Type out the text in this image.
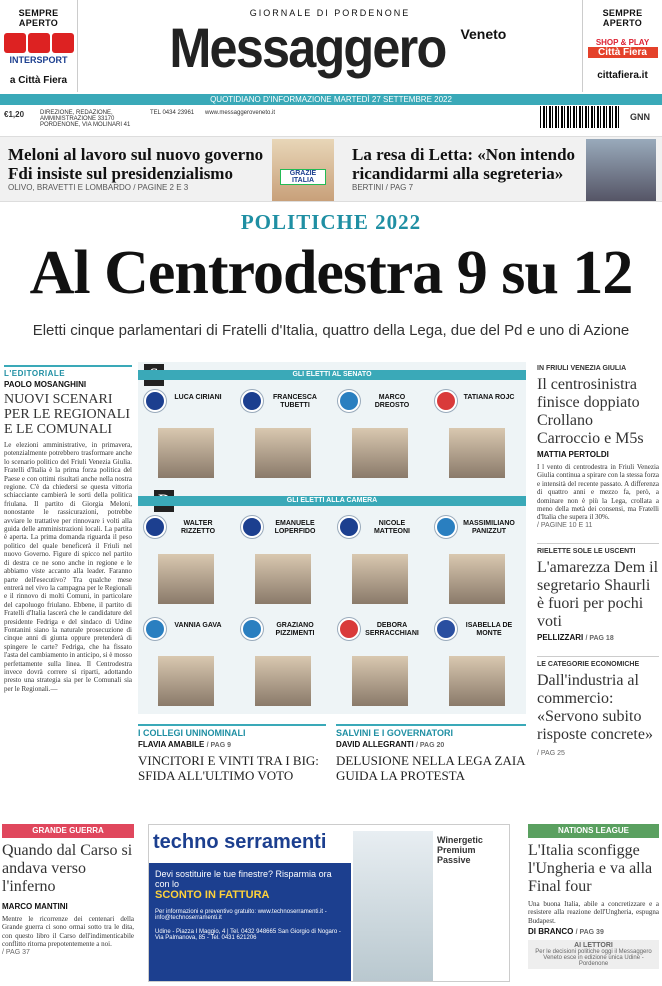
SEMPRE APERTO
INTERSPORT
a Città Fiera
GIORNALE DI PORDENONE
Messaggero Veneto
SEMPRE APERTO
SHOP & PLAY
Città Fiera
cittafiera.it
QUOTIDIANO D'INFORMAZIONE MARTEDÌ 27 SETTEMBRE 2022
€1,20	DIREZIONE, REDAZIONE, AMMINISTRAZIONE 33170 PORDENONE, VIA MOLINARI 41
TEL 0434 23961 www.messaggeroveneto.it	GNN
Meloni al lavoro sul nuovo governo Fdi insiste sul presidenzialismo
OLIVO, BRAVETTI E LOMBARDO / PAGINE 2 E 3
GRAZIE ITALIA
La resa di Letta: «Non intendo ricandidarmi alla segreteria»
BERTINI / PAG 7
POLITICHE 2022
Al Centrodestra 9 su 12
Eletti cinque parlamentari di Fratelli d'Italia, quattro della Lega, due del Pd e uno di Azione
L'EDITORIALE
PAOLO MOSANGHINI
NUOVI SCENARI PER LE REGIONALI E LE COMUNALI
Le elezioni amministrative, in primavera, potenzialmente potrebbero trasformare anche lo scenario politico del Friuli Venezia Giulia. Fratelli d'Italia è la prima forza politica del Paese e con ottimi risultati anche nella nostra regione. C'è da chiedersi se questa vittoria schiacciante cambierà le sorti della politica friulana. Il partito di Giorgia Meloni, nonostante le rassicurazioni, potrebbe avviare le trattative per rinnovare i volti alla guida delle amministrazioni locali. La partita è aperta. La prima domanda riguarda il peso politico del quale beneficerà il Friuli nel nuovo Governo. Figure di spicco nel partito di destra ce ne sono anche in regione e le abbiamo viste accanto alla leader. Faranno parte dell'esecutivo? Tra qualche mese entrerà nel vivo la campagna per le Regionali e il rinnovo di molti Comuni, in particolare del capoluogo friulano. Ebbene, il partito di Fratelli d'Italia lascerà che le candidature del presidente Fedriga e del sindaco di Udine Fontanini siano la naturale prosecuzione di cinque anni di giunta oppure pretenderà di spingere le carte? Fedriga, che ha fissato l'asta del cambiamento in anticipo, si è mosso perfettamente sulla linea. Il Centrodestra invece dovrà correre sì riparti, adottando presto una strategia sia per le Comunali sia per le Regionali.—
GLI ELETTI AL SENATO
LUCA CIRIANI	FRANCESCA TUBETTI
MARCO DREOSTO
TATIANA ROJC
GLI ELETTI ALLA CAMERA
WALTER RIZZETTO
EMANUELE LOPERFIDO
NICOLE MATTEONI
MASSIMILIANO PANIZZUT
VANNIA GAVA	GRAZIANO PIZZIMENTI
DEBORA SERRACCHIANI
ISABELLA DE MONTE
I COLLEGI UNINOMINALI
FLAVIA AMABILE / PAG 9
VINCITORI E VINTI TRA I BIG: SFIDA ALL'ULTIMO VOTO
SALVINI E I GOVERNATORI
DAVID ALLEGRANTI / PAG 20
DELUSIONE NELLA LEGA ZAIA GUIDA LA PROTESTA
IN FRIULI VENEZIA GIULIA
Il centrosinistra finisce doppiato Crollano Carroccio e M5s
MATTIA PERTOLDI
I l vento di centrodestra in Friuli Venezia Giulia continua a spirare con la stessa forza e intensità del recente passato. A differenza di quattro anni e mezzo fa, però, a dominare non è più la Lega, crollata a meno della metà dei consensi, ma Fratelli d'Italia che supera il 30%.
/ PAGINE 10 E 11
RIELETTE SOLE LE USCENTI
L'amarezza Dem il segretario Shaurli è fuori per pochi voti
PELLIZZARI / PAG 18
LE CATEGORIE ECONOMICHE
Dall'industria al commercio: «Servono subito risposte concrete»
/ PAG 25
GRANDE GUERRA
Quando dal Carso si andava verso l'inferno
MARCO MANTINI
Mentre le ricorrenze dei centenari della Grande guerra ci sono ormai sotto tra le dita, con questo libro il Carso dell'indimenticabile conflitto ritorna prepotentemente a noi.
/ PAG 37
techno serramenti
Devi sostituire le tue finestre? Risparmia ora con lo
SCONTO IN FATTURA
Per informazioni e preventivo gratuito: www.technoserramenti.it - info@technoserramenti.it
Udine - Piazza I Maggio, 4 | Tel. 0432 948665 San Giorgio di Nogaro - Via Palmanova, 85 - Tel. 0431 621206
Winergetic Premium Passive
NATIONS LEAGUE
L'Italia sconfigge l'Ungheria e va alla Final four
Una buona Italia, abile a concretizzare e a resistere alla reazione dell'Ungheria, espugna Budapest.
DI BRANCO / PAG 39
AI LETTORI
Per le decisioni politiche oggi il Messaggero Veneto esce in edizione unica Udine - Pordenone
